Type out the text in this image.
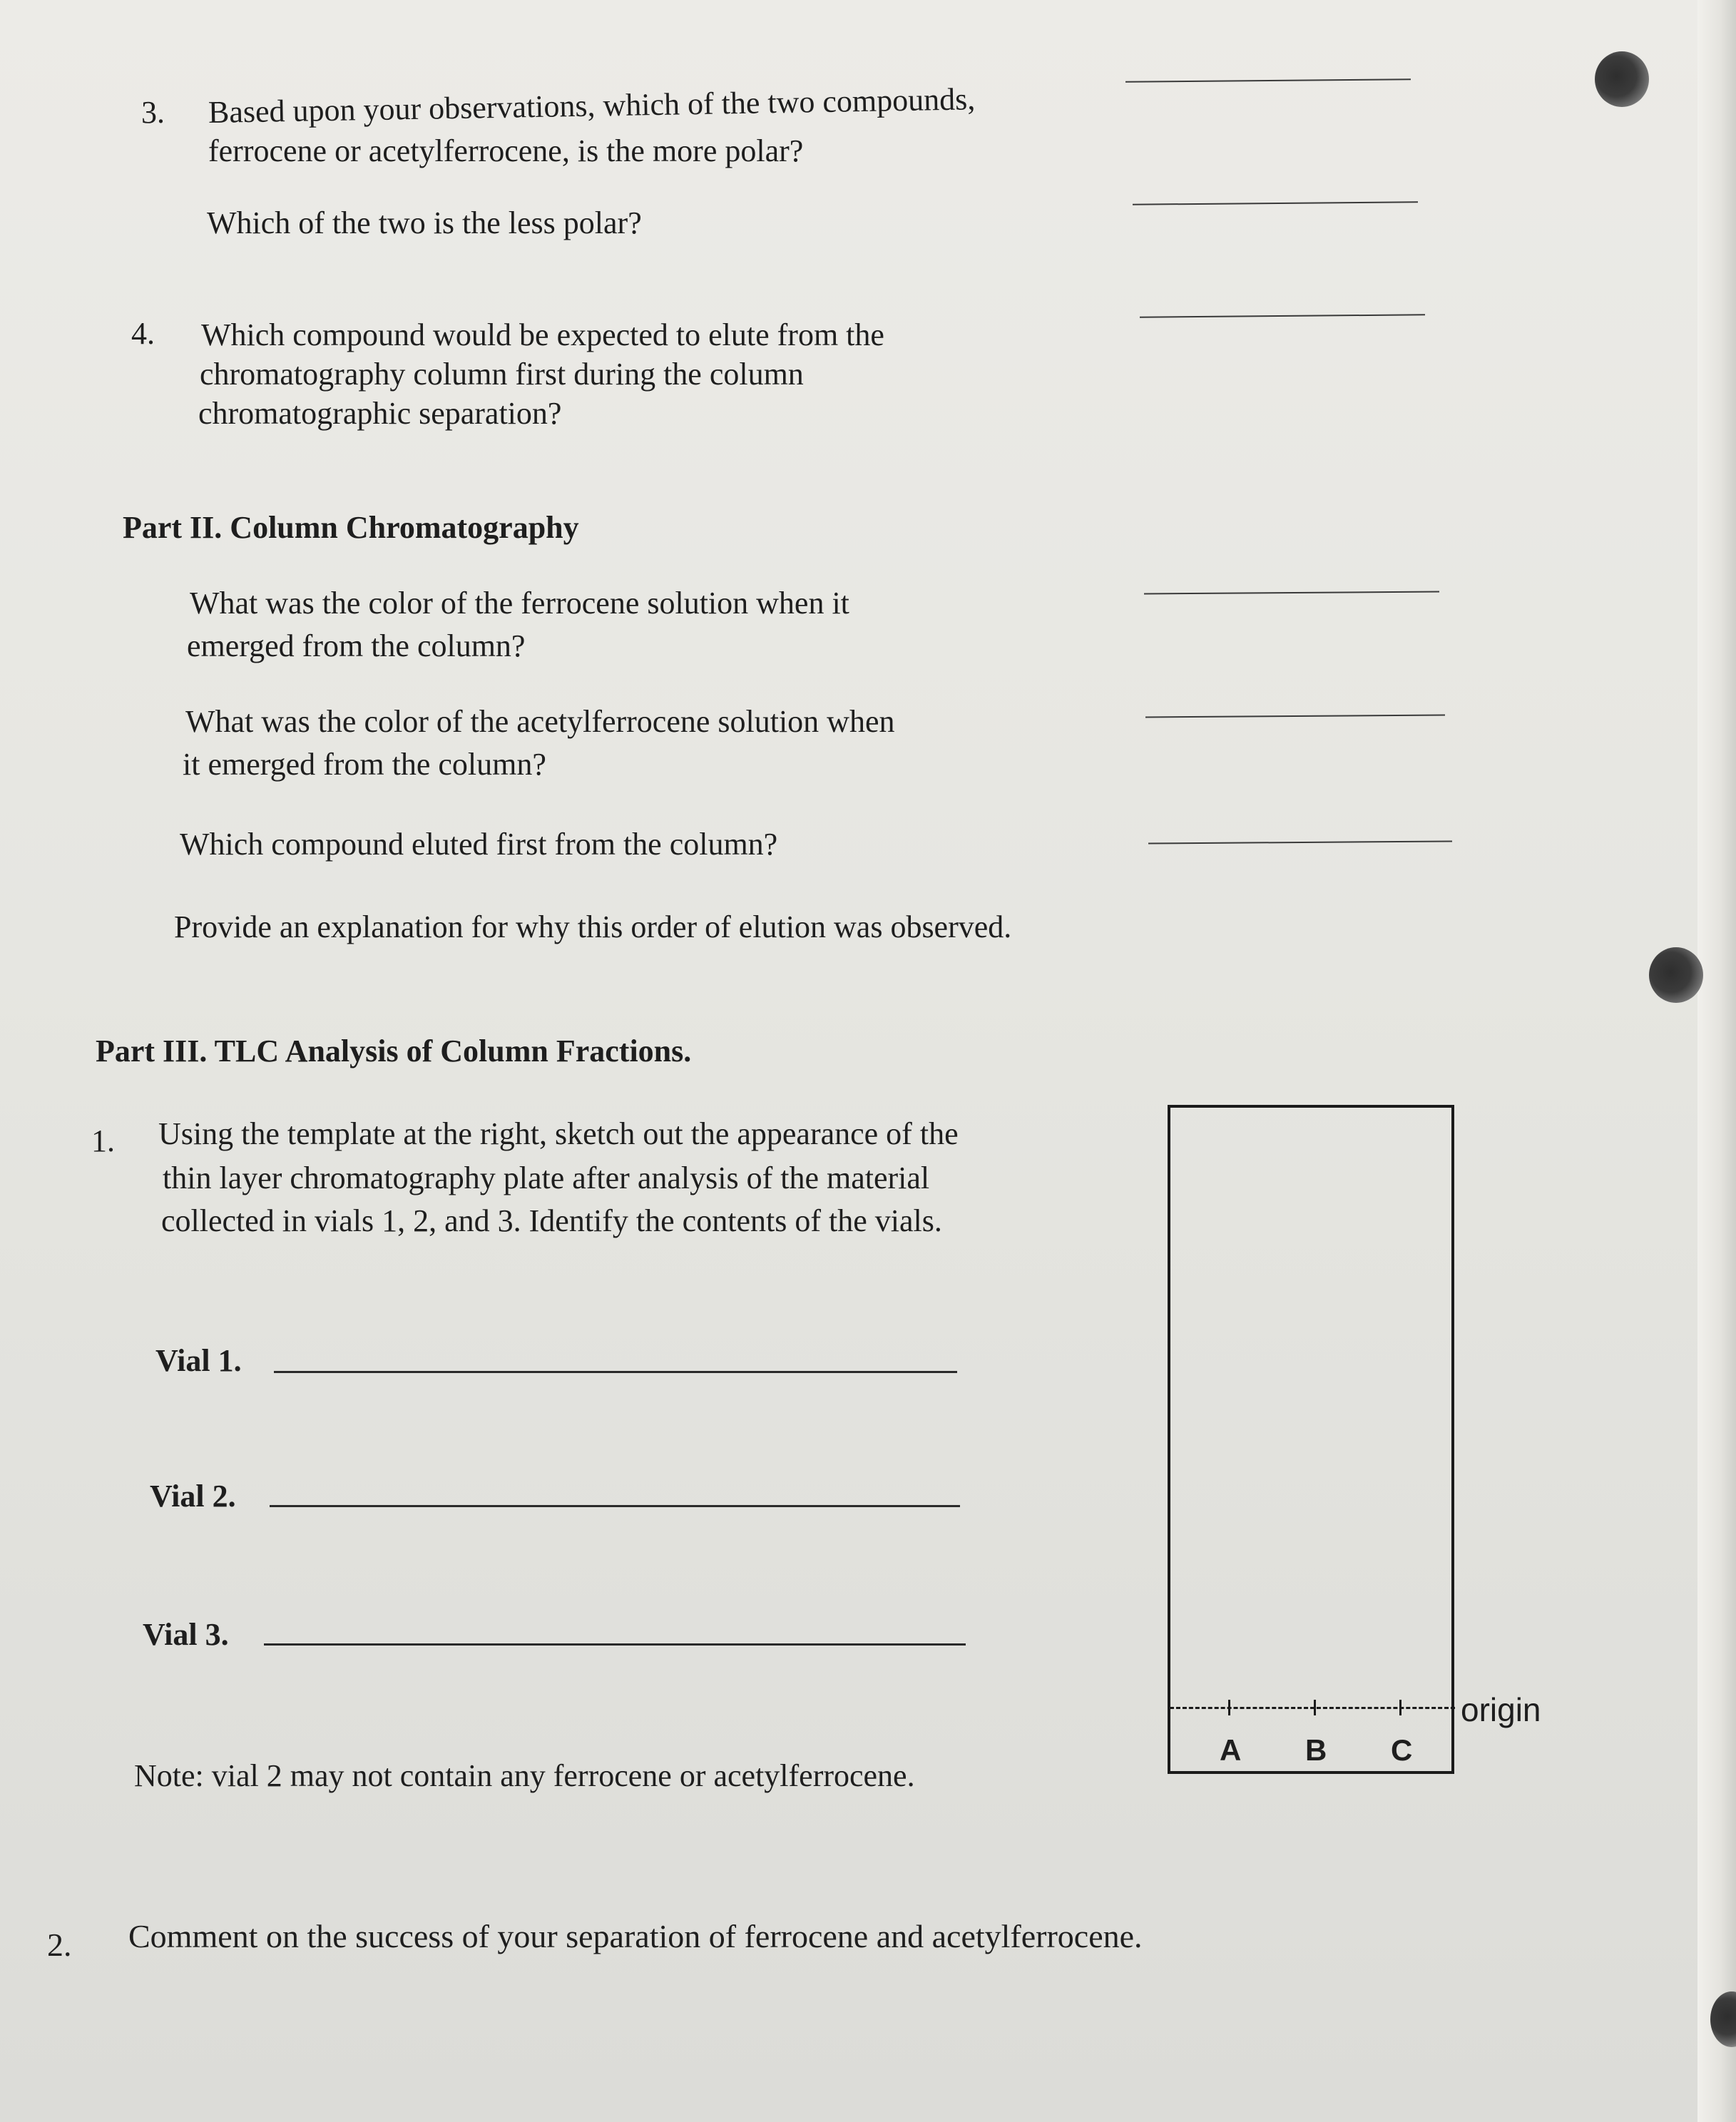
3. Based upon your observations, which of the two compounds,
ferrocene or acetylferrocene, is the more polar?
Which of the two is the less polar?
4. Which compound would be expected to elute from the
chromatography column first during the column
chromatographic separation?
Part II. Column Chromatography
What was the color of the ferrocene solution when it
emerged from the column?
What was the color of the acetylferrocene solution when
it emerged from the column?
Which compound eluted first from the column?
Provide an explanation for why this order of elution was observed.
Part III. TLC Analysis of Column Fractions.
1. Using the template at the right, sketch out the appearance of the
thin layer chromatography plate after analysis of the material
collected in vials 1, 2, and 3. Identify the contents of the vials.
Vial 1.
Vial 2.
Vial 3.
Note: vial 2 may not contain any ferrocene or acetylferrocene.
A B C
origin
2. Comment on the success of your separation of ferrocene and acetylferrocene.
